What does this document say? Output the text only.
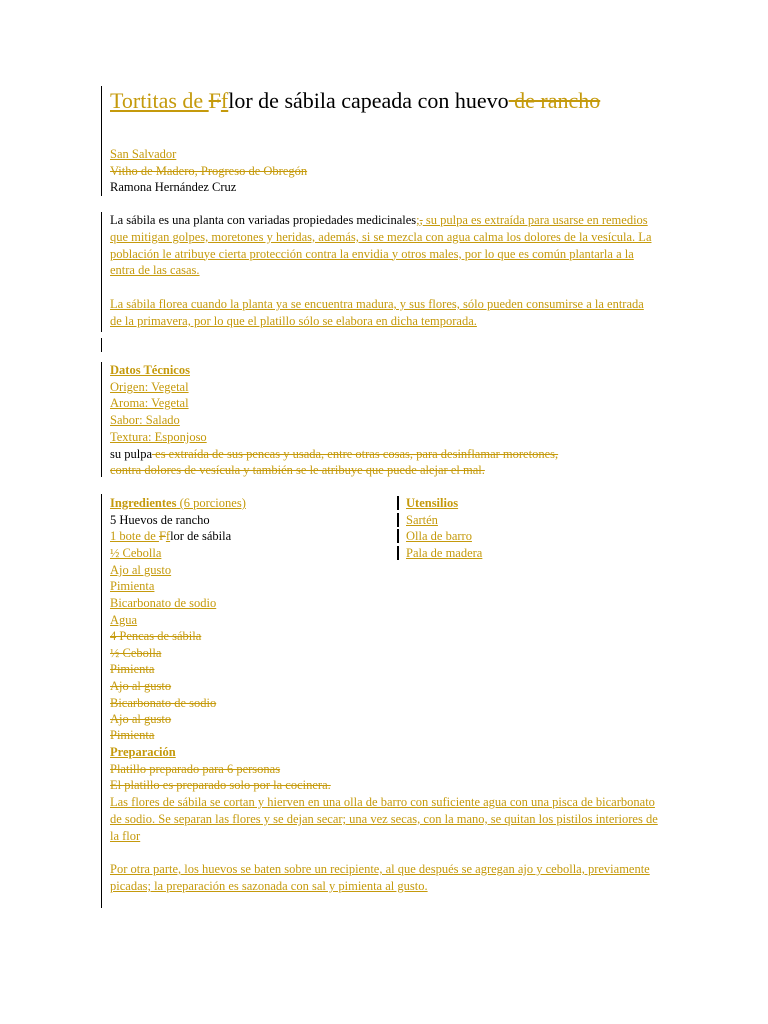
Tortitas de Fflor de sábila capeada con huevo de rancho
San Salvador
Vitho de Madero, Progreso de Obregón
Ramona Hernández Cruz
La sábila es una planta con variadas propiedades medicinales;, su pulpa es extraída para usarse en remedios que mitigan golpes, moretones y heridas, además, si se mezcla con agua calma los dolores de la vesícula. La población le atribuye cierta protección contra la envidia y otros males, por lo que es común plantarla a la entra de las casas.
La sábila florea cuando la planta ya se encuentra madura, y sus flores, sólo pueden consumirse a la entrada de la primavera, por lo que el platillo sólo se elabora en dicha temporada.
Datos Técnicos
Origen: Vegetal
Aroma: Vegetal
Sabor: Salado
Textura: Esponjoso
su pulpa es extraída de sus pencas y usada, entre otras cosas, para desinflamar moretones,
contra dolores de vesícula y también se le atribuye que puede alejar el mal.
Ingredientes (6 porciones)
5 Huevos de rancho
1 bote de Fflor de sábila
½ Cebolla
Ajo al gusto
Pimienta
Bicarbonato de sodio
Agua
4 Pencas de sábila
½ Cebolla
Pimienta
Ajo al gusto
Bicarbonato de sodio
Ajo al gusto
Pimienta
Utensilios
Sartén
Olla de barro
Pala de madera
Preparación
Platillo preparado para 6 personas
El platillo es preparado solo por la cocinera.
Las flores de sábila se cortan y hierven en una olla de barro con suficiente agua con una pisca de bicarbonato de sodio. Se separan las flores y se dejan secar; una vez secas, con la mano, se quitan los pistilos interiores de la flor
Por otra parte, los huevos se baten sobre un recipiente, al que después se agregan ajo y cebolla, previamente picadas; la preparación es sazonada con sal y pimienta al gusto.
